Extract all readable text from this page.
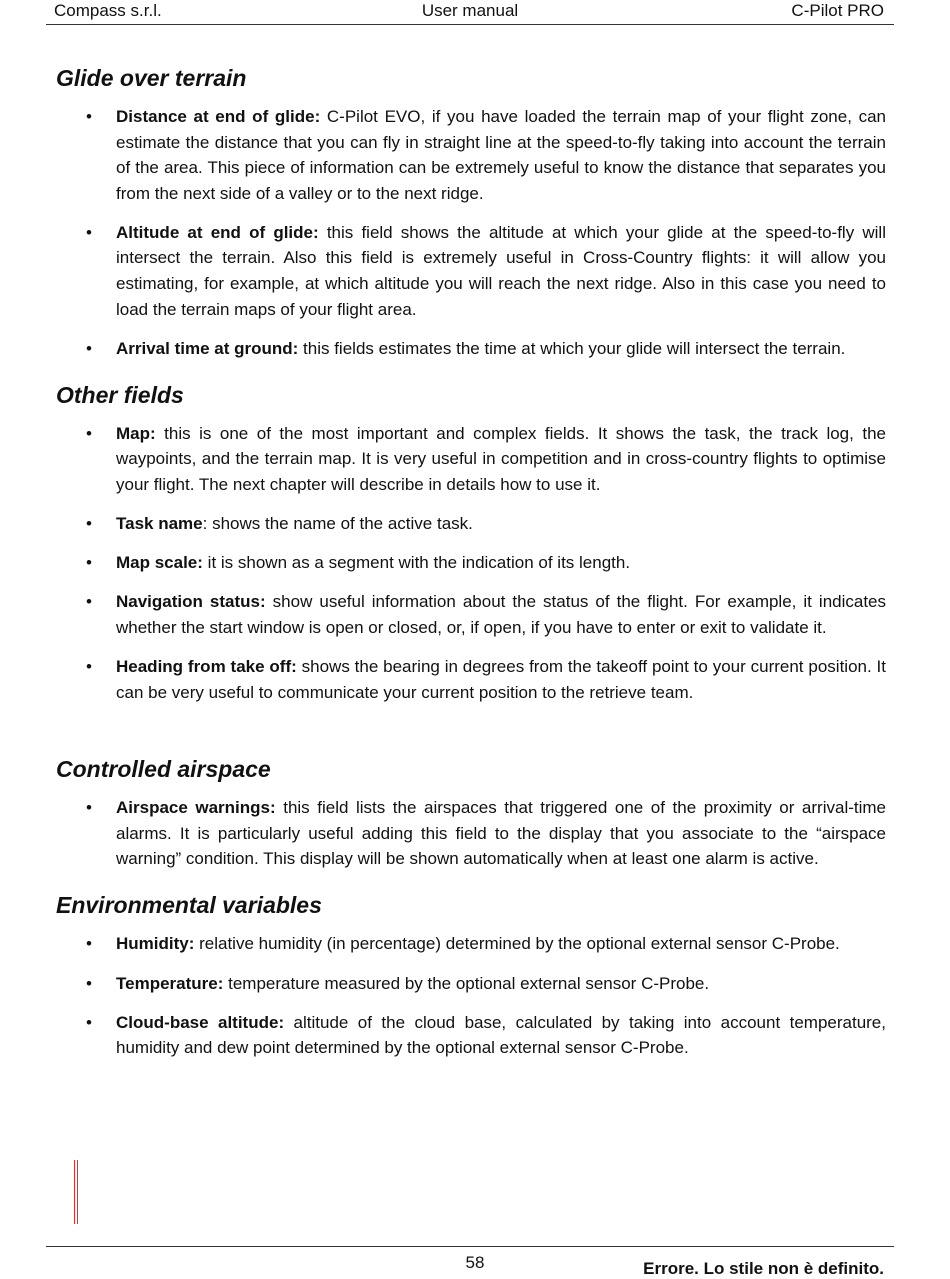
Compass s.r.l.	User manual	C-Pilot PRO
Glide over terrain
• Distance at end of glide: C-Pilot EVO, if you have loaded the terrain map of your flight zone, can estimate the distance that you can fly in straight line at the speed-to-fly taking into account the terrain of the area. This piece of information can be extremely useful to know the distance that separates you from the next side of a valley or to the next ridge.
• Altitude at end of glide: this field shows the altitude at which your glide at the speed-to-fly will intersect the terrain. Also this field is extremely useful in Cross-Country flights: it will allow you estimating, for example, at which altitude you will reach the next ridge. Also in this case you need to load the terrain maps of your flight area.
• Arrival time at ground: this fields estimates the time at which your glide will intersect the terrain.
Other fields
• Map: this is one of the most important and complex fields. It shows the task, the track log, the waypoints, and the terrain map. It is very useful in competition and in cross-country flights to optimise your flight. The next chapter will describe in details how to use it.
• Task name: shows the name of the active task.
• Map scale: it is shown as a segment with the indication of its length.
• Navigation status: show useful information about the status of the flight. For example, it indicates whether the start window is open or closed, or, if open, if you have to enter or exit to validate it.
• Heading from take off: shows the bearing in degrees from the takeoff point to your current position. It can be very useful to communicate your current position to the retrieve team.
Controlled airspace
• Airspace warnings: this field lists the airspaces that triggered one of the proximity or arrival-time alarms. It is particularly useful adding this field to the display that you associate to the “airspace warning” condition. This display will be shown automatically when at least one alarm is active.
Environmental variables
• Humidity: relative humidity (in percentage) determined by the optional external sensor C-Probe.
• Temperature: temperature measured by the optional external sensor C-Probe.
• Cloud-base altitude: altitude of the cloud base, calculated by taking into account temperature, humidity and dew point determined by the optional external sensor C-Probe.
58	Errore. Lo stile non è definito.
